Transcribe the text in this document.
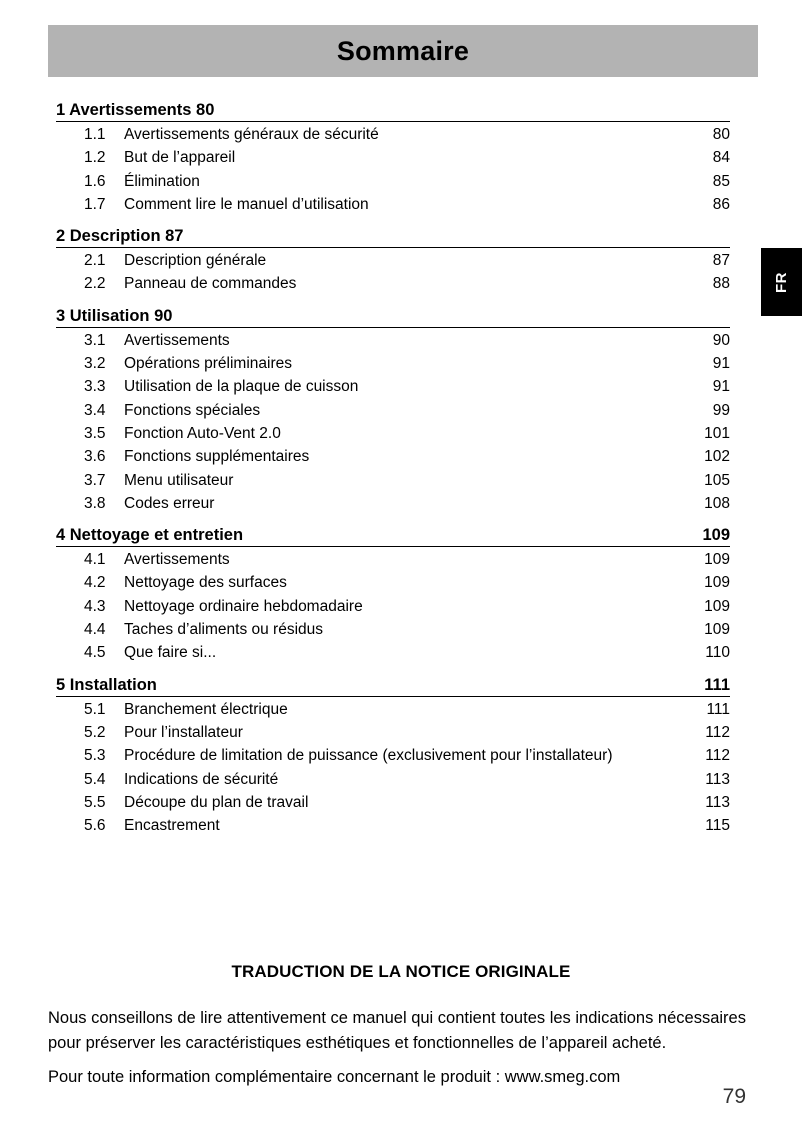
Sommaire
FR
1 Avertissements 80
1.1	Avertissements généraux de sécurité	80
1.2	But de l’appareil	84
1.6	Élimination	85
1.7	Comment lire le manuel d’utilisation	86
2 Description 87
2.1	Description générale	87
2.2	Panneau de commandes	88
3 Utilisation 90
3.1	Avertissements	90
3.2	Opérations préliminaires	91
3.3	Utilisation de la plaque de cuisson	91
3.4	Fonctions spéciales	99
3.5	Fonction Auto-Vent 2.0	101
3.6	Fonctions supplémentaires	102
3.7	Menu utilisateur	105
3.8	Codes erreur	108
4 Nettoyage et entretien	109
4.1	Avertissements	109
4.2	Nettoyage des surfaces	109
4.3	Nettoyage ordinaire hebdomadaire	109
4.4	Taches d’aliments ou résidus	109
4.5	Que faire si...	110
5 Installation	111
5.1	Branchement électrique	111
5.2	Pour l’installateur	112
5.3	Procédure de limitation de puissance (exclusivement pour l’installateur)	112
5.4	Indications de sécurité	113
5.5	Découpe du plan de travail	113
5.6	Encastrement	115
TRADUCTION DE LA NOTICE ORIGINALE

Nous conseillons de lire attentivement ce manuel qui contient toutes les indications nécessaires

pour préserver les caractéristiques esthétiques et fonctionnelles de l’appareil acheté.

Pour toute information complémentaire concernant le produit : www.smeg.com

79
